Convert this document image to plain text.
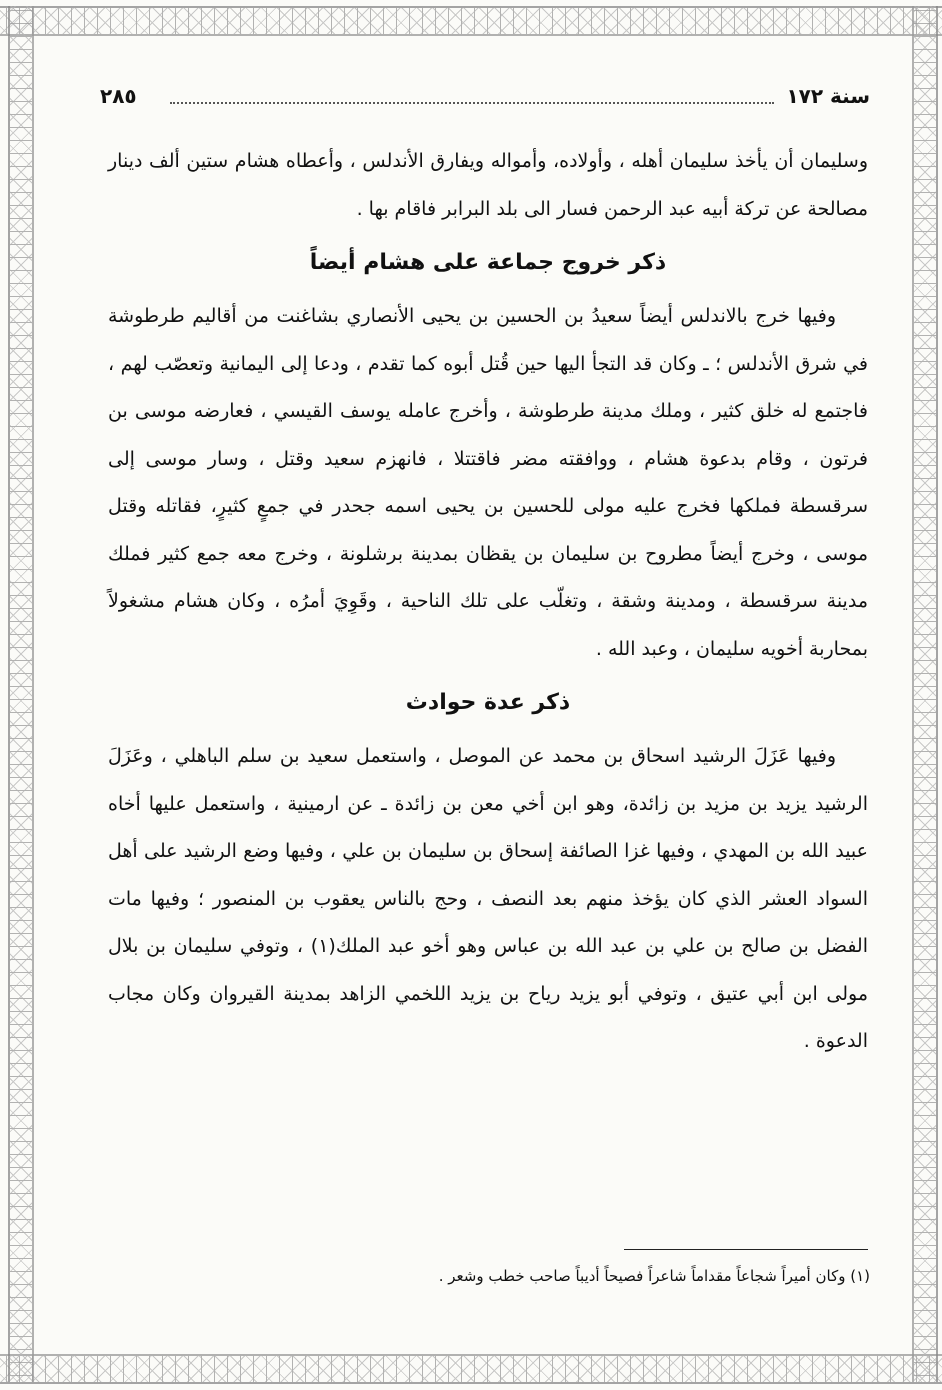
سنة ١٧٢
٢٨٥

وسليمان أن يأخذ سليمان أهله ، وأولاده، وأمواله ويفارق الأندلس ، وأعطاه هشام ستين ألف دينار مصالحة عن تركة أبيه عبد الرحمن فسار الى بلد البرابر فاقام بها .

ذكر خروج جماعة على هشام أيضاً

وفيها خرج بالاندلس أيضاً سعيدُ بن الحسين بن يحيى الأنصاري بشاغنت من أقاليم طرطوشة في شرق الأندلس ؛ ـ وكان قد التجأ اليها حين قُتل أبوه كما تقدم ، ودعا إلى اليمانية وتعصّب لهم ، فاجتمع له خلق كثير ، وملك مدينة طرطوشة ، وأخرج عامله يوسف القيسي ، فعارضه موسى بن فرتون ، وقام بدعوة هشام ، ووافقته مضر فاقتتلا ، فانهزم سعيد وقتل ، وسار موسى إلى سرقسطة فملكها فخرج عليه مولى للحسين بن يحيى اسمه جحدر في جمعٍ كثيرٍ، فقاتله وقتل موسى ، وخرج أيضاً مطروح بن سليمان بن يقظان بمدينة برشلونة ، وخرج معه جمع كثير فملك مدينة سرقسطة ، ومدينة وشقة ، وتغلّب على تلك الناحية ، وقَوِيَ أمرُه ، وكان هشام مشغولاً بمحاربة أخويه سليمان ، وعبد الله .

ذكر عدة حوادث

وفيها عَزَلَ الرشيد اسحاق بن محمد عن الموصل ، واستعمل سعيد بن سلم الباهلي ، وعَزَلَ الرشيد يزيد بن مزيد بن زائدة، وهو ابن أخي معن بن زائدة ـ عن ارمينية ، واستعمل عليها أخاه عبيد الله بن المهدي ، وفيها غزا الصائفة إسحاق بن سليمان بن علي ، وفيها وضع الرشيد على أهل السواد العشر الذي كان يؤخذ منهم بعد النصف ، وحج بالناس يعقوب بن المنصور ؛ وفيها مات الفضل بن صالح بن علي بن عبد الله بن عباس وهو أخو عبد الملك(١) ، وتوفي سليمان بن بلال مولى ابن أبي عتيق ، وتوفي أبو يزيد رياح بن يزيد اللخمي الزاهد بمدينة القيروان وكان مجاب الدعوة .

(١) وكان أميراً شجاعاً مقداماً شاعراً فصيحاً أديباً صاحب خطب وشعر .
